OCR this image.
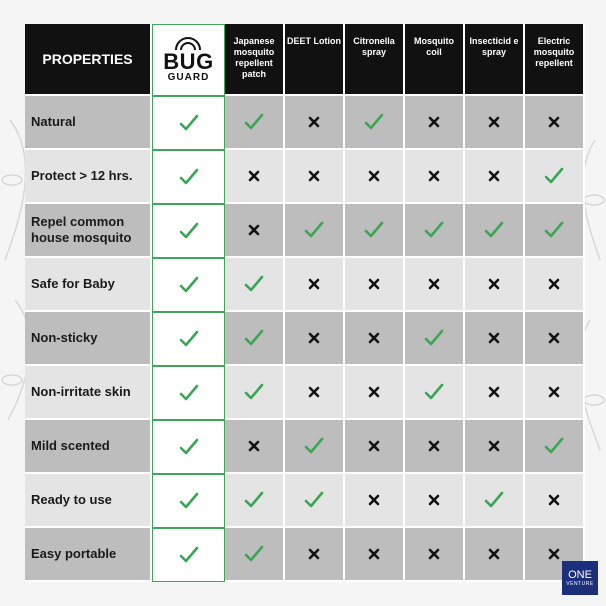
PROPERTIES	BUG
GUARD
Japanese mosquito repellent patch
DEET Lotion	Citronella spray
Mosquito coil
Insecticid e spray
Electric mosquito repellent
Natural
Protect > 12 hrs.
Repel common house mosquito
Safe for Baby
Non-sticky
Non-irritate skin
Mild scented
Ready to use
Easy portable
ONE
VENTURE
